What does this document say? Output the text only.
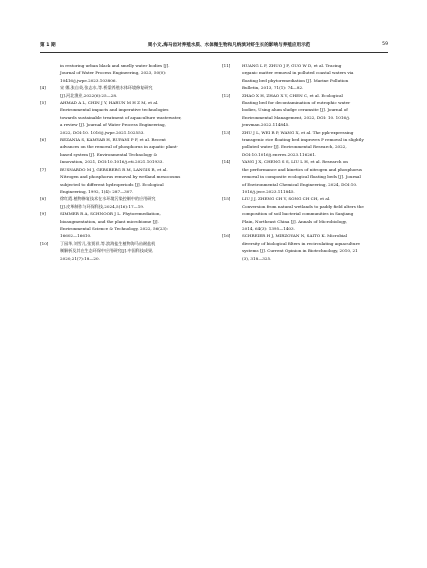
第 1 期	周小文,海马齿对养殖水质、水体微生物和凡纳滨对虾生长的影响与养殖应用示范	59
in restoring urban black and smelly water bodies [J].
Journal of Water Process Engineering, 2023, 50(0):
10416/j.jwpe.2023.103806.
[4]	宋 娜,张自英,张志水,等.桥梁养殖水体环境修复研究
[J].河北渔业,2022(6):25—28.
[5]	AHMAD A L, CHIN J Y, HARUN M H Z M, et al.
Environmental impacts and imperative technologies
towards sustainable treatment of aquaculture wastewater,
a review [J]. Journal of Water Process Engineering,
2022, DOI:10. 1016/j.jwpe.2021.102553.
[6]	REZANIA S, KAMYAB H, RUPANI P F, et al. Recent
advances on the removal of phosphorus in aquatic plant-
based system [J]. Environmental Technology &
Innovation, 2021, DOI:10.1016/j.eti.2021.101933.
[7]	BUSNARDO M J, GERSBERG R M, LANGIS R, et al.
Nitrogen and phosphorus removal by wetland mesocosms
subjected to different hydroperiods [J]. Ecological
Engineering, 1992, 1(4): 287—307.
[8]	徐红霞.植物修复技术在水环境污染控制中的应用研究
[J].皮革制作与环保科技,2024,5(16):17—19.
[9]	SIMMER R A, SCHNOOR J L. Phytoremediation,
bioaugmentation, and the plant microbiome [J].
Environmental Science & Technology, 2022, 56(23):
16602—16610.
[10]	丁园华,刘雪儿,张贾祥,等.滨海盐生植物海马齿耐盐机
制解析及其在生态环保中应用研究[J].中国科技成果,
2020,21(7):18—20.
[11]	HUANG L F, ZHUO J F, GUO W D, et al. Tracing
organic matter removal in polluted coastal waters via
floating bed phytoremediation [J]. Marine Pollution
Bulletin, 2013, 71(1): 74—82.
[12]	ZHAO X H, ZHAO X Y, CHEN C, et al. Ecological
floating bed for decontamination of eutrophic water
bodies, Using alum sludge ceramsite [J]. Journal of
Environmental Management, 2022, DOI: 10. 1016/j.
jenvman.2022.114845.
[13]	ZHU J L, WEI R P, WANG X, et al. The ppk-expressing
transgenic rice floating bed improves P removal in slightly
polluted water [J]. Environmental Research, 2022,
DOI:10.1016/j.envres.2023.116261.
[14]	YANG J X, CHENG S S, LIU L H, et al. Research on
the performance and kinetics of nitrogen and phosphorus
removal in composite ecological floating beds [J]. Journal
of Environmental Chemical Engineering, 2024, DOI:10.
1016/j.jece.2023.111845.
[15]	LIU J J, ZHENG CH Y, SONG CH CH, et al.
Conversion from natural wetlands to paddy field alters the
composition of soil bacterial communities in Sanjiang
Plain, Northeast China [J]. Annals of Microbiology,
2014, 64(3): 1395—1403.
[16]	SCHREIER H J, MIRZOYAN N, SAITO K. Microbial
diversity of biological filters in recirculating aquaculture
systems [J]. Current Opinion in Biotechnology, 2010, 21
(3), 318—325.
